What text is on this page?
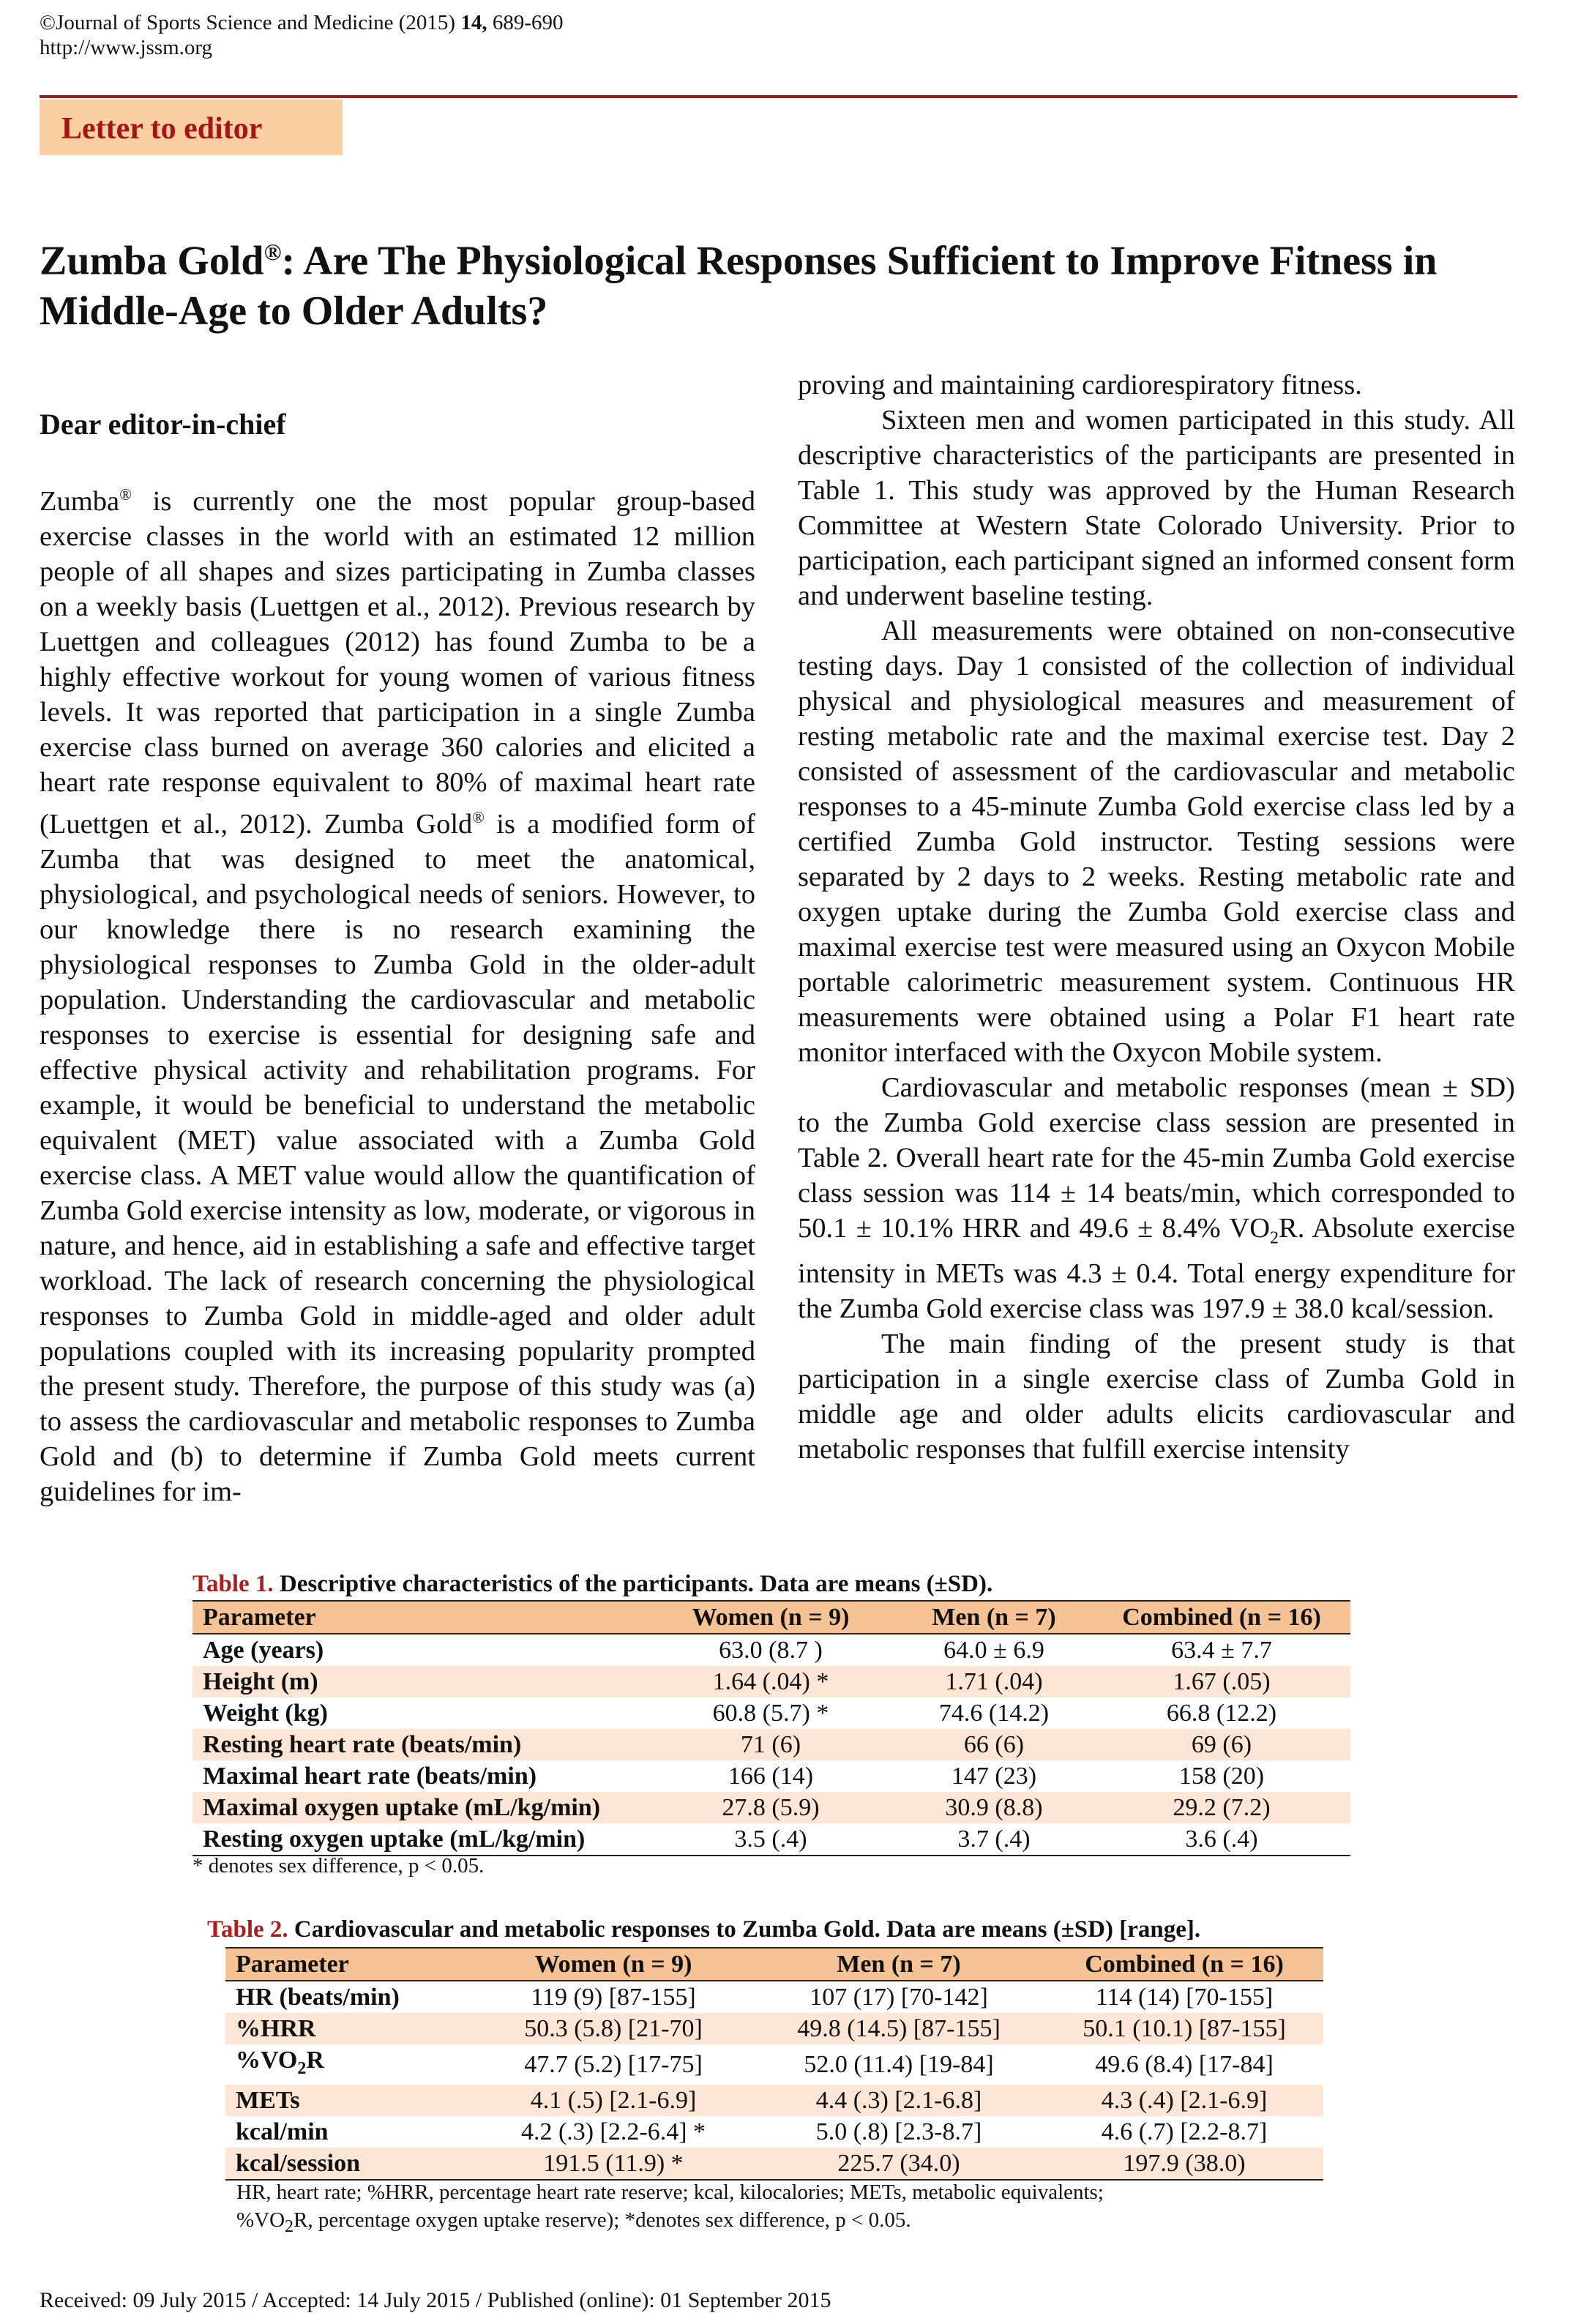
©Journal of Sports Science and Medicine (2015) 14, 689-690
http://www.jssm.org
Letter to editor
Zumba Gold®: Are The Physiological Responses Sufficient to Improve Fitness in Middle-Age to Older Adults?
Dear editor-in-chief
Zumba® is currently one the most popular group-based exercise classes in the world with an estimated 12 million people of all shapes and sizes participating in Zumba classes on a weekly basis (Luettgen et al., 2012). Previous research by Luettgen and colleagues (2012) has found Zumba to be a highly effective workout for young women of various fitness levels. It was reported that participation in a single Zumba exercise class burned on average 360 calories and elicited a heart rate response equivalent to 80% of maximal heart rate (Luettgen et al., 2012). Zumba Gold® is a modified form of Zumba that was designed to meet the anatomical, physiological, and psychological needs of seniors. However, to our knowledge there is no research examining the physiological responses to Zumba Gold in the older-adult population. Understanding the cardiovascular and metabolic responses to exercise is essential for designing safe and effective physical activity and rehabilitation programs. For example, it would be beneficial to understand the metabolic equivalent (MET) value associated with a Zumba Gold exercise class. A MET value would allow the quantification of Zumba Gold exercise intensity as low, moderate, or vigorous in nature, and hence, aid in establishing a safe and effective target workload. The lack of research concerning the physiological responses to Zumba Gold in middle-aged and older adult populations coupled with its increasing popularity prompted the present study. Therefore, the purpose of this study was (a) to assess the cardiovascular and metabolic responses to Zumba Gold and (b) to determine if Zumba Gold meets current guidelines for im-

proving and maintaining cardiorespiratory fitness.

Sixteen men and women participated in this study. All descriptive characteristics of the participants are presented in Table 1. This study was approved by the Human Research Committee at Western State Colorado University. Prior to participation, each participant signed an informed consent form and underwent baseline testing.

All measurements were obtained on non-consecutive testing days. Day 1 consisted of the collection of individual physical and physiological measures and measurement of resting metabolic rate and the maximal exercise test. Day 2 consisted of assessment of the cardiovascular and metabolic responses to a 45-minute Zumba Gold exercise class led by a certified Zumba Gold instructor. Testing sessions were separated by 2 days to 2 weeks. Resting metabolic rate and oxygen uptake during the Zumba Gold exercise class and maximal exercise test were measured using an Oxycon Mobile portable calorimetric measurement system. Continuous HR measurements were obtained using a Polar F1 heart rate monitor interfaced with the Oxycon Mobile system.

Cardiovascular and metabolic responses (mean ± SD) to the Zumba Gold exercise class session are presented in Table 2. Overall heart rate for the 45-min Zumba Gold exercise class session was 114 ± 14 beats/min, which corresponded to 50.1 ± 10.1% HRR and 49.6 ± 8.4% $VO_2R$. Absolute exercise intensity in METs was 4.3 ± 0.4. Total energy expenditure for the Zumba Gold exercise class was 197.9 ± 38.0 kcal/session.

The main finding of the present study is that participation in a single exercise class of Zumba Gold in middle age and older adults elicits cardiovascular and metabolic responses that fulfill exercise intensity

Table 1. Descriptive characteristics of the participants. Data are means (±SD).
Parameter	Women (n = 9)	Men (n = 7)	Combined (n = 16)
Age (years)	63.0 (8.7 )	64.0 ± 6.9	63.4 ± 7.7
Height (m)	1.64 (.04) *	1.71 (.04)	1.67 (.05)
Weight (kg)	60.8 (5.7) *	74.6 (14.2)	66.8 (12.2)
Resting heart rate (beats/min)	71 (6)	66 (6)	69 (6)
Maximal heart rate (beats/min)	166 (14)	147 (23)	158 (20)
Maximal oxygen uptake (mL/kg/min)	27.8 (5.9)	30.9 (8.8)	29.2 (7.2)
Resting oxygen uptake (mL/kg/min)	3.5 (.4)	3.7 (.4)	3.6 (.4)
* denotes sex difference, p < 0.05.
Table 2. Cardiovascular and metabolic responses to Zumba Gold. Data are means (±SD) [range].
Parameter	Women (n = 9)	Men (n = 7)	Combined (n = 16)
HR (beats/min)	119 (9) [87-155]	107 (17) [70-142]	114 (14) [70-155]
%HRR	50.3 (5.8) [21-70]	49.8 (14.5) [87-155]	50.1 (10.1) [87-155]
$\%VO_2R$	47.7 (5.2) [17-75]	52.0 (11.4) [19-84]	49.6 (8.4) [17-84]
METs	4.1 (.5) [2.1-6.9]	4.4 (.3) [2.1-6.8]	4.3 (.4) [2.1-6.9]
kcal/min	4.2 (.3) [2.2-6.4] *	5.0 (.8) [2.3-8.7]	4.6 (.7) [2.2-8.7]
kcal/session	191.5 (11.9) *	225.7 (34.0)	197.9 (38.0)
HR, heart rate; %HRR, percentage heart rate reserve; kcal, kilocalories; METs, metabolic equivalents;
$\%VO_2R$, percentage oxygen uptake reserve); *denotes sex difference, p < 0.05.
Received: 09 July 2015 / Accepted: 14 July 2015 / Published (online): 01 September 2015
